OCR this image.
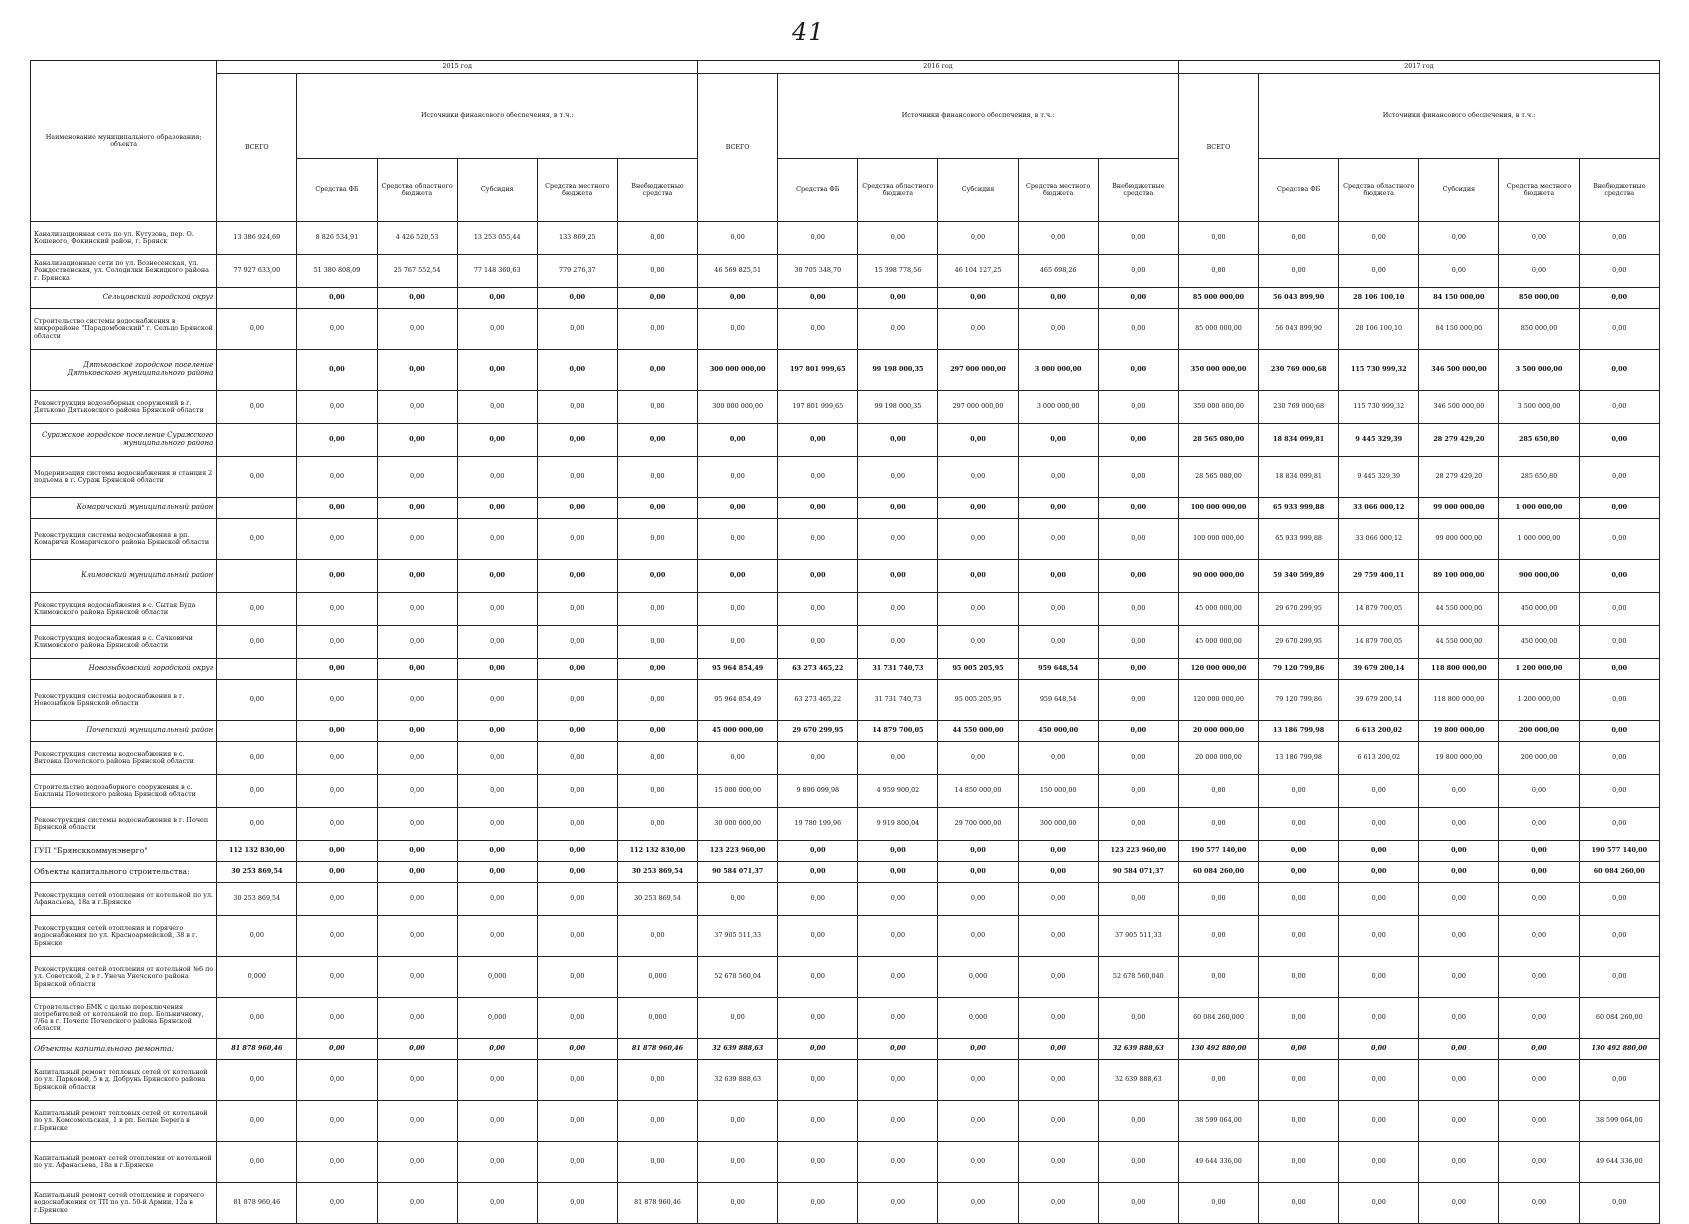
41
Наименование муниципального образования; объекта	2015 год						2016 год						2017 год					
	ВСЕГО	Источники финансового обеспечения, в т.ч.:					ВСЕГО	Источники финансового обеспечения, в т.ч.:					ВСЕГО	Источники финансового обеспечения, в т.ч.:				
		Средства ФБ	Средства областного бюджета	Субсидия	Средства местного бюджета	Внебюджетные средства		Средства ФБ	Средства областного бюджета	Субсидия	Средства местного бюджета	Внебюджетные средства		Средства ФБ	Средства областного бюджета	Субсидия	Средства местного бюджета	Внебюджетные средства
Канализационная сеть по ул. Кутузова, пер. О. Кошевого, Фокинский район, г. Брянск	13 386 924,69	8 826 534,91	4 426 520,53	13 253 055,44	133 869,25	0,00	0,00	0,00	0,00	0,00	0,00	0,00	0,00	0,00	0,00	0,00	0,00	0,00
Канализационные сети по ул. Вознесенская, ул. Рождественская, ул. Солодилки Бежицкого района г. Брянска	77 927 633,00	51 380 808,09	25 767 552,54	77 148 360,63	779 276,37	0,00	46 569 825,51	30 705 348,70	15 398 778,56	46 104 127,25	465 698,26	0,00	0,00	0,00	0,00	0,00	0,00	0,00
Сельцовский городской округ		0,00	0,00	0,00	0,00	0,00	0,00	0,00	0,00	0,00	0,00	0,00	85 000 000,00	56 043 899,90	28 106 100,10	84 150 000,00	850 000,00	0,00
Строительство системы водоснабжения в микрорайоне "Парадомбовский" г. Сельцо Брянской области	0,00	0,00	0,00	0,00	0,00	0,00	0,00	0,00	0,00	0,00	0,00	0,00	85 000 000,00	56 043 899,90	28 106 100,10	84 150 000,00	850 000,00	0,00
Дятьковское городское поселение Дятьковского муниципального района		0,00	0,00	0,00	0,00	0,00	300 000 000,00	197 801 999,65	99 198 000,35	297 000 000,00	3 000 000,00	0,00	350 000 000,00	230 769 000,68	115 730 999,32	346 500 000,00	3 500 000,00	0,00
Реконструкция водозаборных сооружений в г. Дятьково Дятьковского района Брянской области	0,00	0,00	0,00	0,00	0,00	0,00	300 000 000,00	197 801 999,65	99 198 000,35	297 000 000,00	3 000 000,00	0,00	350 000 000,00	230 769 000,68	115 730 999,32	346 500 000,00	3 500 000,00	0,00
Суражское городское поселение Суражского муниципального района		0,00	0,00	0,00	0,00	0,00	0,00	0,00	0,00	0,00	0,00	0,00	28 565 080,00	18 834 099,81	9 445 329,39	28 279 429,20	285 650,80	0,00
Модернизация системы водоснабжения и станция 2 подъема в г. Сураж Брянской области	0,00	0,00	0,00	0,00	0,00	0,00	0,00	0,00	0,00	0,00	0,00	0,00	28 565 080,00	18 834 099,81	9 445 329,39	28 279 429,20	285 650,80	0,00
Комаричский муниципальный район		0,00	0,00	0,00	0,00	0,00	0,00	0,00	0,00	0,00	0,00	0,00	100 000 000,00	65 933 999,88	33 066 000,12	99 000 000,00	1 000 000,00	0,00
Реконструкция системы водоснабжения в рп. Комаричи Комаричского района Брянской области	0,00	0,00	0,00	0,00	0,00	0,00	0,00	0,00	0,00	0,00	0,00	0,00	100 000 000,00	65 933 999,88	33 066 000,12	99 000 000,00	1 000 000,00	0,00
Климовский муниципальный район		0,00	0,00	0,00	0,00	0,00	0,00	0,00	0,00	0,00	0,00	0,00	90 000 000,00	59 340 599,89	29 759 400,11	89 100 000,00	900 000,00	0,00
Реконструкция водоснабжения в с. Сытая Буда Климовского района Брянской области	0,00	0,00	0,00	0,00	0,00	0,00	0,00	0,00	0,00	0,00	0,00	0,00	45 000 000,00	29 670 299,95	14 879 700,05	44 550 000,00	450 000,00	0,00
Реконструкция водоснабжения в с. Сачковичи Климовского района Брянской области	0,00	0,00	0,00	0,00	0,00	0,00	0,00	0,00	0,00	0,00	0,00	0,00	45 000 000,00	29 670 299,95	14 879 700,05	44 550 000,00	450 000,00	0,00
Новозыбковский городской округ		0,00	0,00	0,00	0,00	0,00	95 964 854,49	63 273 465,22	31 731 740,73	95 005 205,95	959 648,54	0,00	120 000 000,00	79 120 799,86	39 679 200,14	118 800 000,00	1 200 000,00	0,00
Реконструкция системы водоснабжения в г. Новозыбков Брянской области	0,00	0,00	0,00	0,00	0,00	0,00	95 964 854,49	63 273 465,22	31 731 740,73	95 005 205,95	959 648,54	0,00	120 000 000,00	79 120 799,86	39 679 200,14	118 800 000,00	1 200 000,00	0,00
Почепский муниципальный район		0,00	0,00	0,00	0,00	0,00	45 000 000,00	29 670 299,95	14 879 700,05	44 550 000,00	450 000,00	0,00	20 000 000,00	13 186 799,98	6 613 200,02	19 800 000,00	200 000,00	0,00
Реконструкция системы водоснабжения в с. Витовка Почепского района Брянской области	0,00	0,00	0,00	0,00	0,00	0,00	0,00	0,00	0,00	0,00	0,00	0,00	20 000 000,00	13 186 799,98	6 613 200,02	19 800 000,00	200 000,00	0,00
Строительство водозаборного сооружения в с. Бакланы Почепского района Брянской области	0,00	0,00	0,00	0,00	0,00	0,00	15 000 000,00	9 890 099,98	4 959 900,02	14 850 000,00	150 000,00	0,00	0,00	0,00	0,00	0,00	0,00	0,00
Реконструкция системы водоснабжения в г. Почеп Брянской области	0,00	0,00	0,00	0,00	0,00	0,00	30 000 000,00	19 780 199,96	9 919 800,04	29 700 000,00	300 000,00	0,00	0,00	0,00	0,00	0,00	0,00	0,00
ГУП "Брянсккоммунэнерго"	112 132 830,00	0,00	0,00	0,00	0,00	112 132 830,00	123 223 960,00	0,00	0,00	0,00	0,00	123 223 960,00	190 577 140,00	0,00	0,00	0,00	0,00	190 577 140,00
Объекты капитального строительства:	30 253 869,54	0,00	0,00	0,00	0,00	30 253 869,54	90 584 071,37	0,00	0,00	0,00	0,00	90 584 071,37	60 084 260,00	0,00	0,00	0,00	0,00	60 084 260,00
Реконструкция сетей отопления от котельной по ул. Афанасьева, 18а в г.Брянске	30 253 869,54	0,00	0,00	0,00	0,00	30 253 869,54	0,00	0,00	0,00	0,00	0,00	0,00	0,00	0,00	0,00	0,00	0,00	0,00
Реконструкция сетей отопления и горячего водоснабжения по ул. Красноармейской, 38 в г. Брянске	0,00	0,00	0,00	0,00	0,00	0,00	37 905 511,33	0,00	0,00	0,00	0,00	37 905 511,33	0,00	0,00	0,00	0,00	0,00	0,00
Реконструкция сетей отопления от котельной №6 по ул. Советской, 2 в г. Унеча Унечского района Брянской области	0,000	0,00	0,00	0,000	0,00	0,000	52 678 560,04	0,00	0,00	0,000	0,00	52 678 560,040	0,00	0,00	0,00	0,00	0,00	0,00
Строительство БМК с целью переключения потребителей от котельной по пер. Больничному, 7/6а в г. Почепе Почепского района Брянской области	0,00	0,00	0,00	0,000	0,00	0,000	0,00	0,00	0,00	0,000	0,00	0,00	60 084 260,000	0,00	0,00	0,00	0,00	60 084 260,00
Объекты капитального ремонта:	81 878 960,46	0,00	0,00	0,00	0,00	81 878 960,46	32 639 888,63	0,00	0,00	0,00	0,00	32 639 888,63	130 492 880,00	0,00	0,00	0,00	0,00	130 492 880,00
Капитальный ремонт тепловых сетей от котельной по ул. Парковой, 5 в д. Добрунь Брянского района Брянской области	0,00	0,00	0,00	0,00	0,00	0,00	32 639 888,63	0,00	0,00	0,00	0,00	32 639 888,63	0,00	0,00	0,00	0,00	0,00	0,00
Капитальный ремонт тепловых сетей от котельной по ул. Комсомольская, 1 в рп. Белые Берега в г.Брянске	0,00	0,00	0,00	0,00	0,00	0,00	0,00	0,00	0,00	0,00	0,00	0,00	38 599 064,00	0,00	0,00	0,00	0,00	38 599 064,00
Капитальный ремонт сетей отопления от котельной по ул. Афанасьева, 18а в г.Брянске	0,00	0,00	0,00	0,00	0,00	0,00	0,00	0,00	0,00	0,00	0,00	0,00	49 644 336,00	0,00	0,00	0,00	0,00	49 644 336,00
Капитальный ремонт сетей отопления и горячего водоснабжения от ТП по ул. 50-й Армии, 12а в г.Брянске	81 878 960,46	0,00	0,00	0,00	0,00	81 878 960,46	0,00	0,00	0,00	0,00	0,00	0,00	0,00	0,00	0,00	0,00	0,00	0,00
